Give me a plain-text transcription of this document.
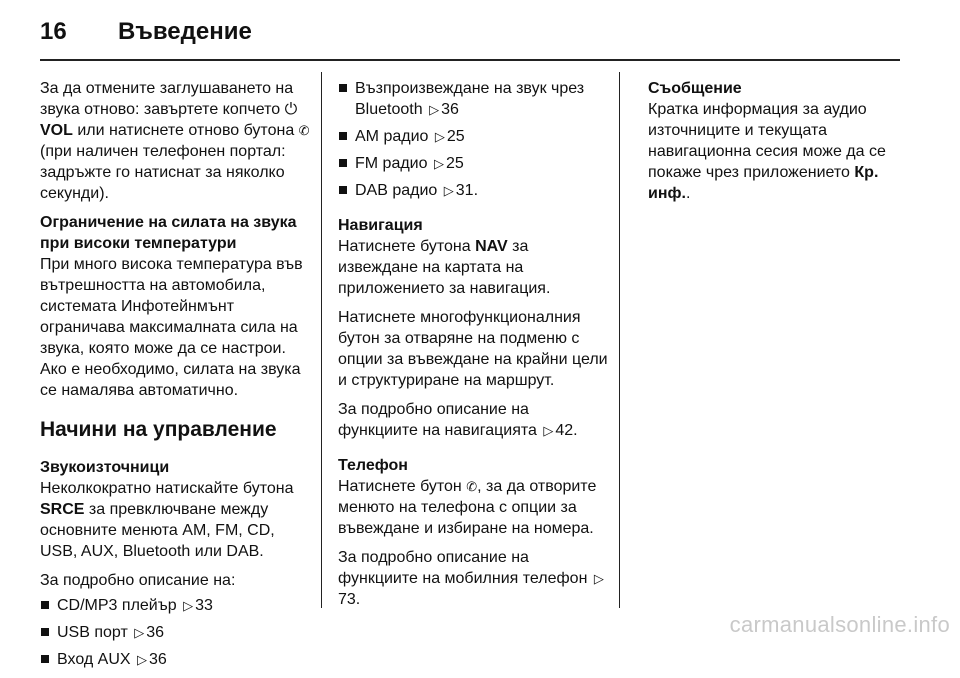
16 Въведение

За да отмените заглушаването на звука отново: завъртете копчето ⏻ VOL или натиснете отново бутона ✆ (при наличен телефонен портал: задръжте го натиснат за няколко секунди).

Ограничение на силата на звука при високи температури

При много висока температура във вътрешността на автомобила, системата Инфотейнмънт ограничава максималната сила на звука, която може да се настрои. Ако е необходимо, силата на звука се намалява автоматично.

Начини на управление
Звукоизточници

Неколкократно натискайте бутона SRCE за превключване между основните менюта AM, FM, CD, USB, AUX, Bluetooth или DAB.

За подробно описание на:

CD/MP3 плейър ▷ 33
USB порт ▷ 36
Вход AUX ▷ 36
Възпроизвеждане на звук чрез Bluetooth ▷ 36
AM радио ▷ 25
FM радио ▷ 25
DAB радио ▷ 31.
Навигация

Натиснете бутона NAV за извеждане на картата на приложението за навигация.

Натиснете многофункционалния бутон за отваряне на подменю с опции за въвеждане на крайни цели и структуриране на маршрут.

За подробно описание на функциите на навигацията ▷ 42.

Телефон

Натиснете бутон ✆, за да отворите менюто на телефона с опции за въвеждане и избиране на номера.

За подробно описание на функциите на мобилния телефон ▷73.

Съобщение

Кратка информация за аудио източниците и текущата навигационна сесия може да се покаже чрез приложението Кр. инф..

carmanualsonline.info
